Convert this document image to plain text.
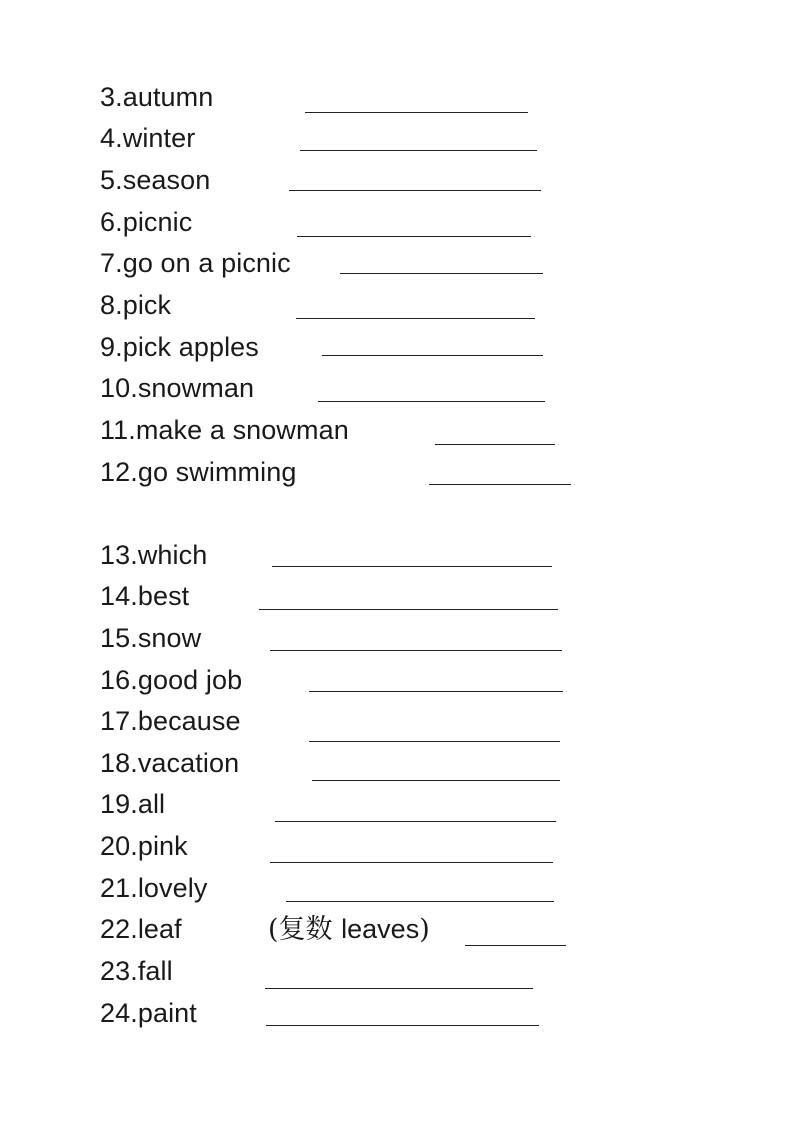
3.autumn
4.winter
5.season
6.picnic
7.go on a picnic
8.pick
9.pick apples
10.snowman
11.make a snowman
12.go swimming
13.which
14.best
15.snow
16.good job
17.because
18.vacation
19.all
20.pink
21.lovely
22.leaf	(复数 leaves)
23.fall
24.paint
